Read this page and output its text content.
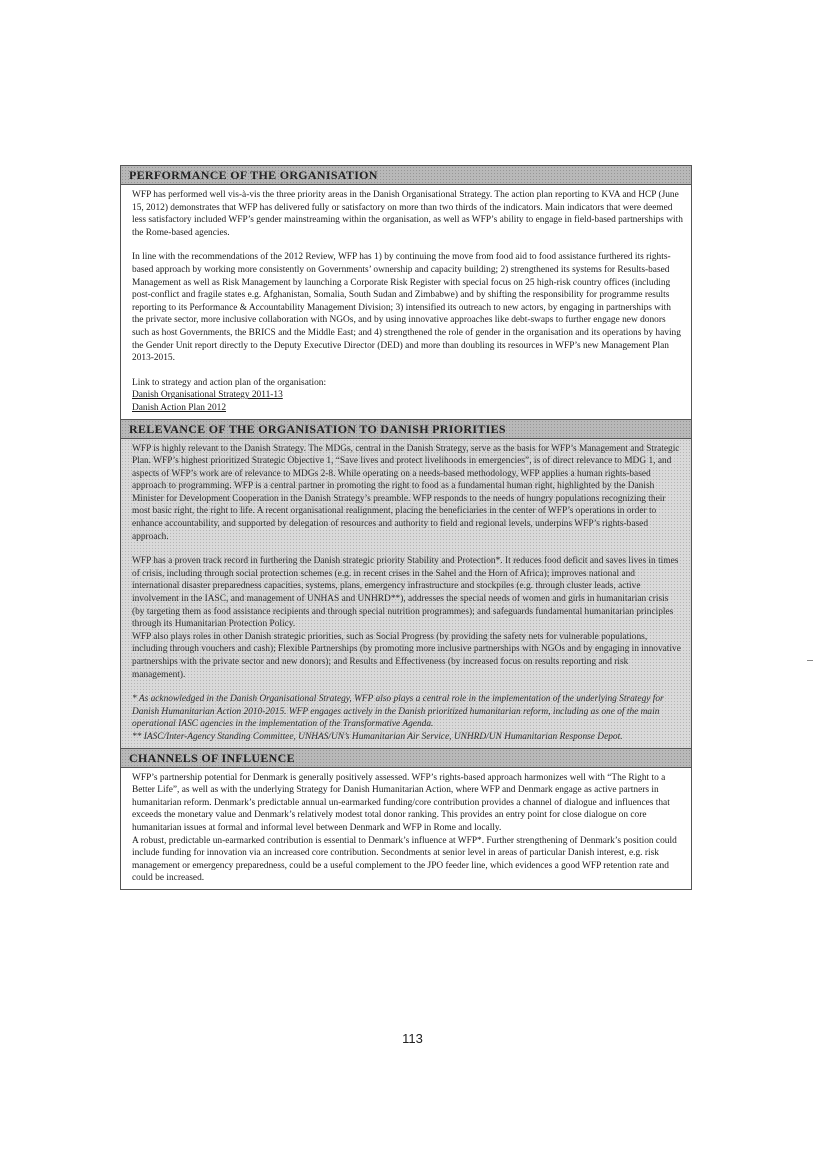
PERFORMANCE OF THE ORGANISATION

WFP has performed well vis-à-vis the three priority areas in the Danish Organisational Strategy. The action plan reporting to KVA and HCP (June 15, 2012) demonstrates that WFP has delivered fully or satisfactory on more than two thirds of the indicators. Main indicators that were deemed less satisfactory included WFP’s gender mainstreaming within the organisation, as well as WFP’s ability to engage in field-based partnerships with the Rome-based agencies.

In line with the recommendations of the 2012 Review, WFP has 1) by continuing the move from food aid to food assistance furthered its rights-based approach by working more consistently on Governments’ ownership and capacity building; 2) strengthened its systems for Results-based Management as well as Risk Management by launching a Corporate Risk Register with special focus on 25 high-risk country offices (including post-conflict and fragile states e.g. Afghanistan, Somalia, South Sudan and Zimbabwe) and by shifting the responsibility for programme results reporting to its Performance & Accountability Management Division; 3) intensified its outreach to new actors, by engaging in partnerships with the private sector, more inclusive collaboration with NGOs, and by using innovative approaches like debt-swaps to further engage new donors such as host Governments, the BRICS and the Middle East; and 4) strengthened the role of gender in the organisation and its operations by having the Gender Unit report directly to the Deputy Executive Director (DED) and more than doubling its resources in WFP’s new Management Plan 2013-2015.

Link to strategy and action plan of the organisation:

Danish Organisational Strategy 2011-13

Danish Action Plan 2012

RELEVANCE OF THE ORGANISATION TO DANISH PRIORITIES

WFP is highly relevant to the Danish Strategy. The MDGs, central in the Danish Strategy, serve as the basis for WFP’s Management and Strategic Plan. WFP’s highest prioritized Strategic Objective 1, “Save lives and protect livelihoods in emergencies”, is of direct relevance to MDG 1, and aspects of WFP’s work are of relevance to MDGs 2-8. While operating on a needs-based methodology, WFP applies a human rights-based approach to programming. WFP is a central partner in promoting the right to food as a fundamental human right, highlighted by the Danish Minister for Development Cooperation in the Danish Strategy’s preamble. WFP responds to the needs of hungry populations recognizing their most basic right, the right to life. A recent organisational realignment, placing the beneficiaries in the center of WFP’s operations in order to enhance accountability, and supported by delegation of resources and authority to field and regional levels, underpins WFP’s rights-based approach.

WFP has a proven track record in furthering the Danish strategic priority Stability and Protection*. It reduces food deficit and saves lives in times of crisis, including through social protection schemes (e.g. in recent crises in the Sahel and the Horn of Africa); improves national and international disaster preparedness capacities, systems, plans, emergency infrastructure and stockpiles (e.g. through cluster leads, active involvement in the IASC, and management of UNHAS and UNHRD**), addresses the special needs of women and girls in humanitarian crisis (by targeting them as food assistance recipients and through special nutrition programmes); and safeguards fundamental humanitarian principles through its Humanitarian Protection Policy.

WFP also plays roles in other Danish strategic priorities, such as Social Progress (by providing the safety nets for vulnerable populations, including through vouchers and cash); Flexible Partnerships (by promoting more inclusive partnerships with NGOs and by engaging in innovative partnerships with the private sector and new donors); and Results and Effectiveness (by increased focus on results reporting and risk management).

* As acknowledged in the Danish Organisational Strategy, WFP also plays a central role in the implementation of the underlying Strategy for Danish Humanitarian Action 2010-2015. WFP engages actively in the Danish prioritized humanitarian reform, including as one of the main operational IASC agencies in the implementation of the Transformative Agenda.

** IASC/Inter-Agency Standing Committee, UNHAS/UN’s Humanitarian Air Service, UNHRD/UN Humanitarian Response Depot.

CHANNELS OF INFLUENCE

WFP’s partnership potential for Denmark is generally positively assessed. WFP’s rights-based approach harmonizes well with “The Right to a Better Life”, as well as with the underlying Strategy for Danish Humanitarian Action, where WFP and Denmark engage as active partners in humanitarian reform. Denmark’s predictable annual un-earmarked funding/core contribution provides a channel of dialogue and influences that exceeds the monetary value and Denmark’s relatively modest total donor ranking. This provides an entry point for close dialogue on core humanitarian issues at formal and informal level between Denmark and WFP in Rome and locally.

A robust, predictable un-earmarked contribution is essential to Denmark’s influence at WFP*. Further strengthening of Denmark’s position could include funding for innovation via an increased core contribution. Secondments at senior level in areas of particular Danish interest, e.g. risk management or emergency preparedness, could be a useful complement to the JPO feeder line, which evidences a good WFP retention rate and could be increased.

113
